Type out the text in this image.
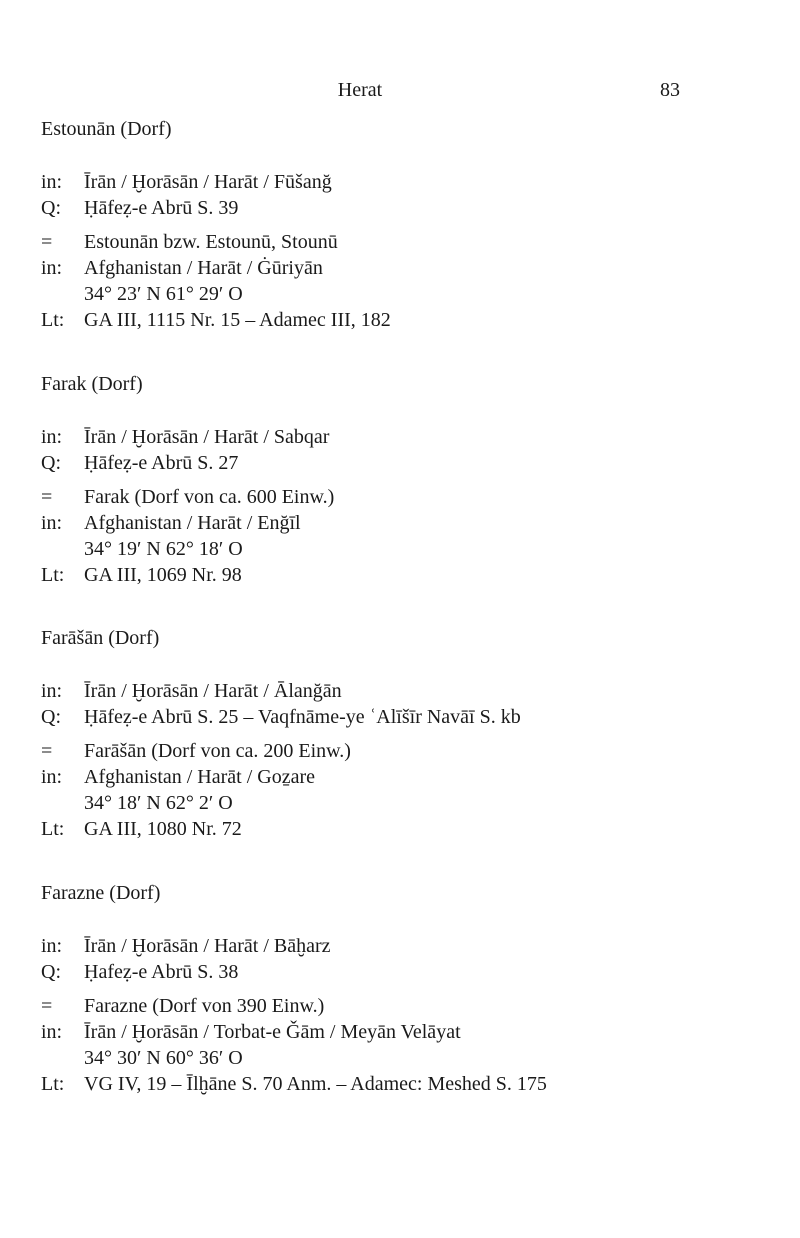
Herat	83
Estounān (Dorf)
in:	Īrān / Ḫorāsān / Harāt / Fūšanğ
Q:	Ḥāfeẓ-e Abrū S. 39
=	Estounān bzw. Estounū, Stounū
in:	Afghanistan / Harāt / Ġūriyān
34° 23′ N 61° 29′ O
Lt: GA III, 1115 Nr. 15 – Adamec III, 182
Farak (Dorf)
in:	Īrān / Ḫorāsān / Harāt / Sabqar
Q:	Ḥāfeẓ-e Abrū S. 27
=	Farak (Dorf von ca. 600 Einw.)
in:	Afghanistan / Harāt / Enğīl
34° 19′ N 62° 18′ O
Lt: GA III, 1069 Nr. 98
Farāšān (Dorf)
in:	Īrān / Ḫorāsān / Harāt / Ālanğān
Q:	Ḥāfeẓ-e Abrū S. 25 – Vaqfnāme-ye ʿAlīšīr Navāī S. kb
=	Farāšān (Dorf von ca. 200 Einw.)
in:	Afghanistan / Harāt / Goẕare
34° 18′ N 62° 2′ O
Lt: GA III, 1080 Nr. 72
Farazne (Dorf)
in:	Īrān / Ḫorāsān / Harāt / Bāḫarz
Q:	Ḥafeẓ-e Abrū S. 38
=	Farazne (Dorf von 390 Einw.)
in:	Īrān / Ḫorāsān / Torbat-e Ǧām / Meyān Velāyat
34° 30′ N 60° 36′ O
Lt: VG IV, 19 – Īlḫāne S. 70 Anm. – Adamec: Meshed S. 175
